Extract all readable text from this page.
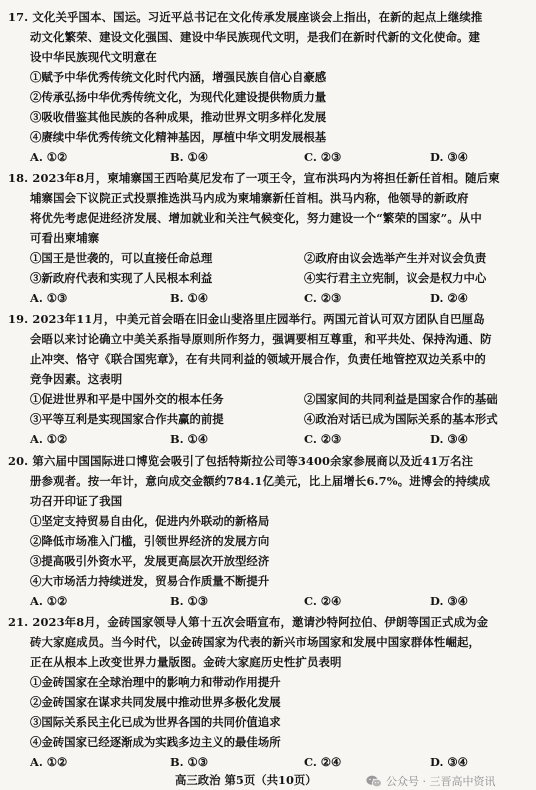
17. 文化关乎国本、国运。习近平总书记在文化传承发展座谈会上指出，在新的起点上继续推
动文化繁荣、建设文化强国、建设中华民族现代文明，是我们在新时代新的文化使命。建
设中华民族现代文明意在
①赋予中华优秀传统文化时代内涵，增强民族自信心自豪感
②传承弘扬中华优秀传统文化，为现代化建设提供物质力量
③吸收借鉴其他民族的各种成果，推动世界文明多样化发展
④赓续中华优秀传统文化精神基因，厚植中华文明发展根基
A. ①②	B. ①④	C. ②③	D. ③④
18. 2023年8月，柬埔寨国王西哈莫尼发布了一项王令，宣布洪玛内为将担任新任首相。随后柬
埔寨国会下议院正式投票推选洪马内成为柬埔寨新任首相。洪马内称，他领导的新政府
将优先考虑促进经济发展、增加就业和关注气候变化，努力建设一个“繁荣的国家”。从中
可看出柬埔寨
①国王是世袭的，可以直接任命总理	②政府由议会选举产生并对议会负责
③新政府代表和实现了人民根本利益	④实行君主立宪制，议会是权力中心
A. ①③	B. ①④	C. ②③	D. ②④
19. 2023年11月，中美元首会晤在旧金山斐洛里庄园举行。两国元首认可双方团队自巴厘岛
会晤以来讨论确立中美关系指导原则所作努力，强调要相互尊重，和平共处、保持沟通、防
止冲突、恪守《联合国宪章》，在有共同利益的领域开展合作，负责任地管控双边关系中的
竞争因素。这表明
①促进世界和平是中国外交的根本任务	②国家间的共同利益是国家合作的基础
③平等互利是实现国家合作共赢的前提	④政治对话已成为国际关系的基本形式
A. ①②	B. ①④	C. ②③	D. ③④
20. 第六届中国国际进口博览会吸引了包括特斯拉公司等3400余家参展商以及近41万名注
册参观者。按一年计，意向成交金额约784.1亿美元，比上届增长6.7%。进博会的持续成
功召开印证了我国
①坚定支持贸易自由化，促进内外联动的新格局
②降低市场准入门槛，引领世界经济的发展方向
③提高吸引外资水平，发展更高层次开放型经济
④大市场活力持续迸发，贸易合作质量不断提升
A. ①②	B. ①③	C. ②④	D. ③④
21. 2023年8月，金砖国家领导人第十五次会晤宣布，邀请沙特阿拉伯、伊朗等国正式成为金
砖大家庭成员。当今时代，以金砖国家为代表的新兴市场国家和发展中国家群体性崛起，
正在从根本上改变世界力量版图。金砖大家庭历史性扩员表明
①金砖国家在全球治理中的影响力和带动作用提升
②金砖国家在谋求共同发展中推动世界多极化发展
③国际关系民主化已成为世界各国的共同价值追求
④金砖国家已经逐渐成为实践多边主义的最佳场所
A. ①②	B. ①③	C. ②④	D. ③④
高三政治 第5页（共10页）	公众号 · 三晋高中资讯
